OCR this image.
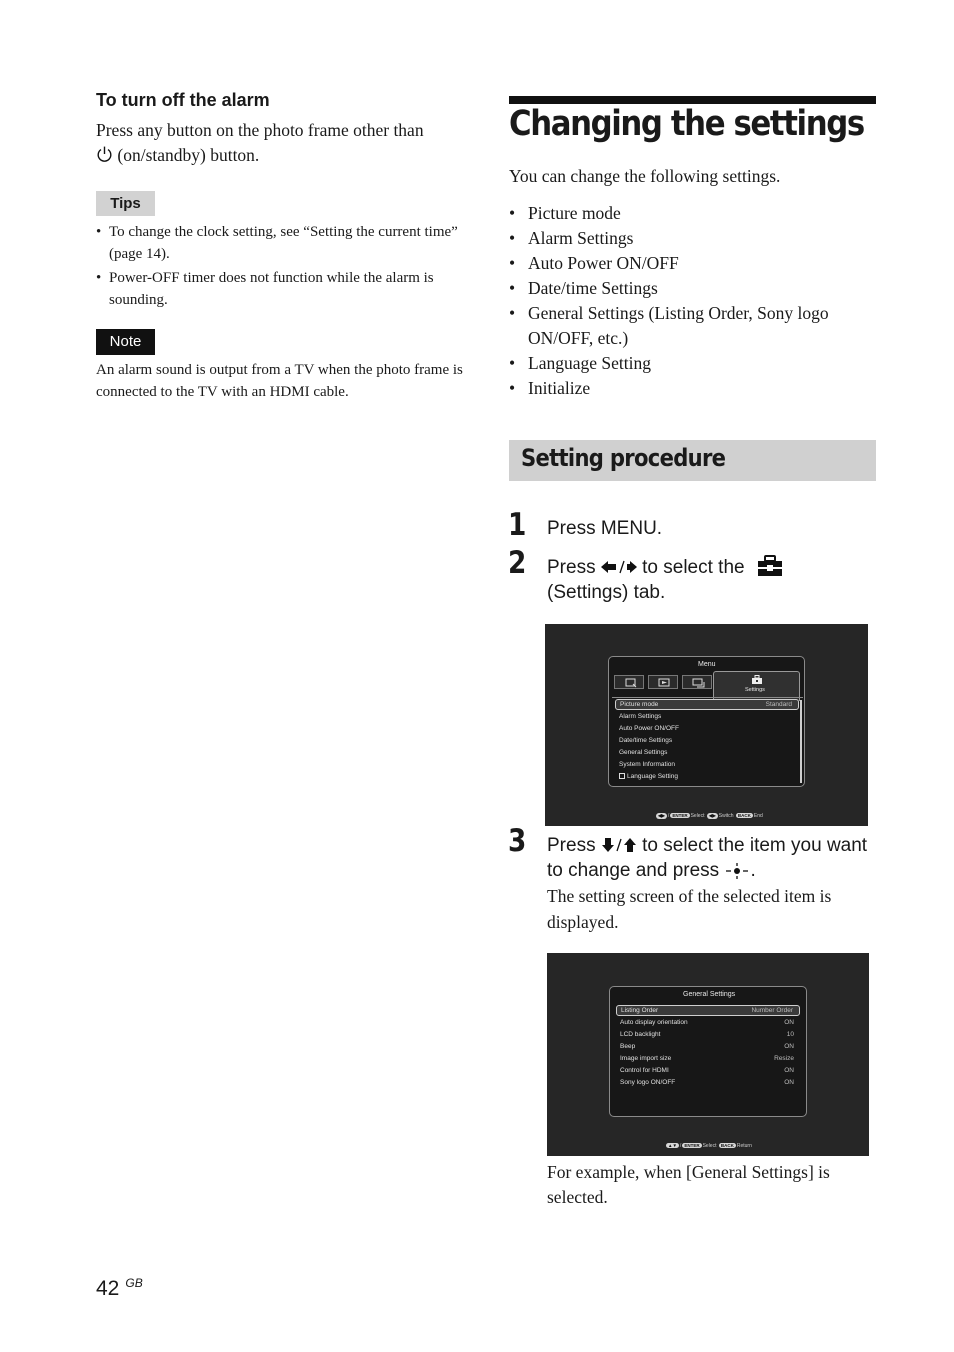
To turn off the alarm
Press any button on the photo frame other than
(on/standby) button.
Tips
• To change the clock setting, see “Setting the current time” (page 14).
• Power-OFF timer does not function while the alarm is sounding.
Note
An alarm sound is output from a TV when the photo frame is connected to the TV with an HDMI cable.
Changing the settings
You can change the following settings.
• Picture mode
• Alarm Settings
• Auto Power ON/OFF
• Date/time Settings
• General Settings (Listing Order, Sony logo ON/OFF, etc.)
• Language Setting
• Initialize
Setting procedure
1 Press MENU.
2 Press to select the
(Settings) tab.
Menu
Settings
Picture mode	Standard
Alarm Settings
Auto Power ON/OFF
Date/time Settings
General Settings
System Information
Language Setting
◀▶ / ENTER Select ◀▶ Switch BACK End
3 Press to select the item you want to change and press .
The setting screen of the selected item is displayed.
General Settings
Listing Order	Number Order
Auto display orientation	ON
LCD backlight	10
Beep	ON
Image import size	Resize
Control for HDMI	ON
Sony logo ON/OFF	ON
▲▼ / ENTER Select BACK Return
For example, when [General Settings] is selected.
42 $^{GB}$
